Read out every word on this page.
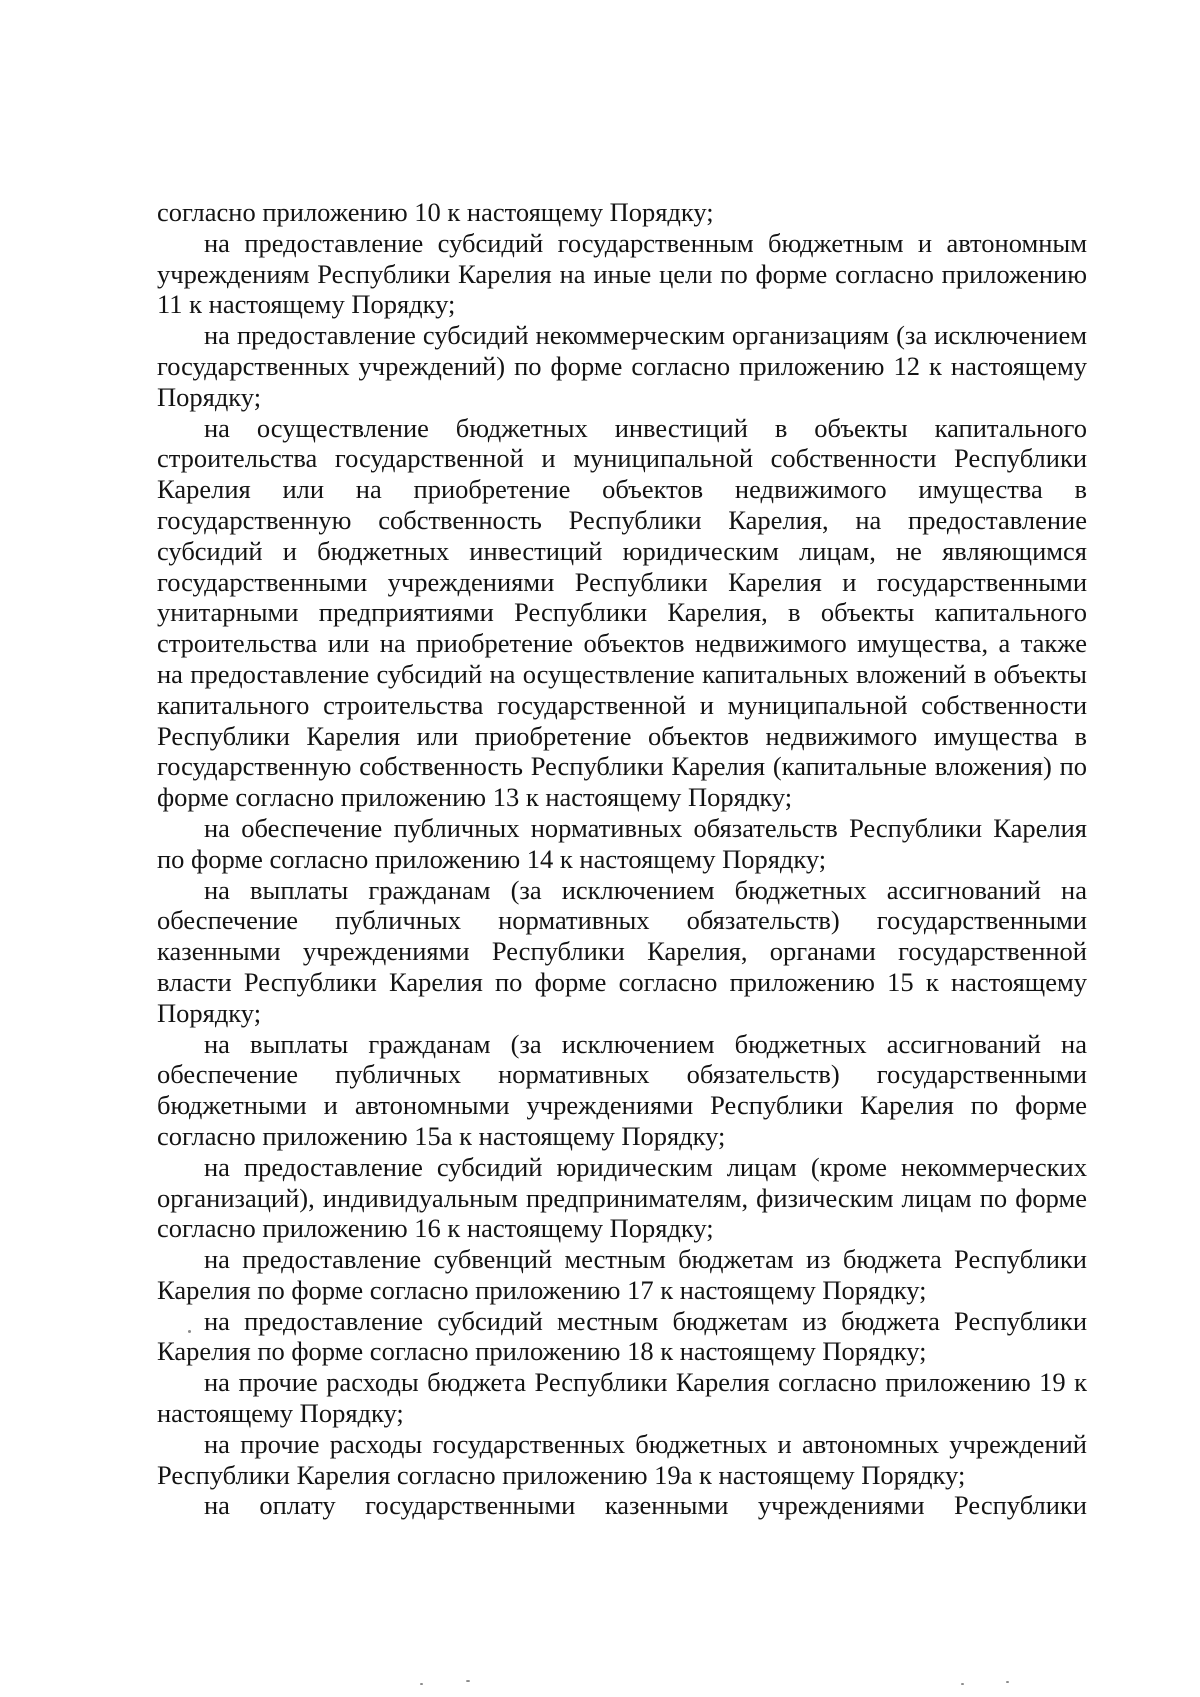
согласно приложению 10 к настоящему Порядку;

на предоставление субсидий государственным бюджетным и автономным учреждениям Республики Карелия на иные цели по форме согласно приложению 11 к настоящему Порядку;

на предоставление субсидий некоммерческим организациям (за исключением государственных учреждений) по форме согласно приложению 12 к настоящему Порядку;

на осуществление бюджетных инвестиций в объекты капитального строительства государственной и муниципальной собственности Республики Карелия или на приобретение объектов недвижимого имущества в государственную собственность Республики Карелия, на предоставление субсидий и бюджетных инвестиций юридическим лицам, не являющимся государственными учреждениями Республики Карелия и государственными унитарными предприятиями Республики Карелия, в объекты капитального строительства или на приобретение объектов недвижимого имущества, а также на предоставление субсидий на осуществление капитальных вложений в объекты капитального строительства государственной и муниципальной собственности Республики Карелия или приобретение объектов недвижимого имущества в государственную собственность Республики Карелия (капитальные вложения) по форме согласно приложению 13 к настоящему Порядку;

на обеспечение публичных нормативных обязательств Республики Карелия по форме согласно приложению 14 к настоящему Порядку;

на выплаты гражданам (за исключением бюджетных ассигнований на обеспечение публичных нормативных обязательств) государственными казенными учреждениями Республики Карелия, органами государственной власти Республики Карелия по форме согласно приложению 15 к настоящему Порядку;

на выплаты гражданам (за исключением бюджетных ассигнований на обеспечение публичных нормативных обязательств) государственными бюджетными и автономными учреждениями Республики Карелия по форме согласно приложению 15а к настоящему Порядку;

на предоставление субсидий юридическим лицам (кроме некоммерческих организаций), индивидуальным предпринимателям, физическим лицам по форме согласно приложению 16 к настоящему Порядку;

на предоставление субвенций местным бюджетам из бюджета Республики Карелия по форме согласно приложению 17 к настоящему Порядку;

на предоставление субсидий местным бюджетам из бюджета Республики Карелия по форме согласно приложению 18 к настоящему Порядку;

на прочие расходы бюджета Республики Карелия согласно приложению 19 к настоящему Порядку;

на прочие расходы государственных бюджетных и автономных учреждений Республики Карелия согласно приложению 19а к настоящему Порядку;

на оплату государственными казенными учреждениями Республики
